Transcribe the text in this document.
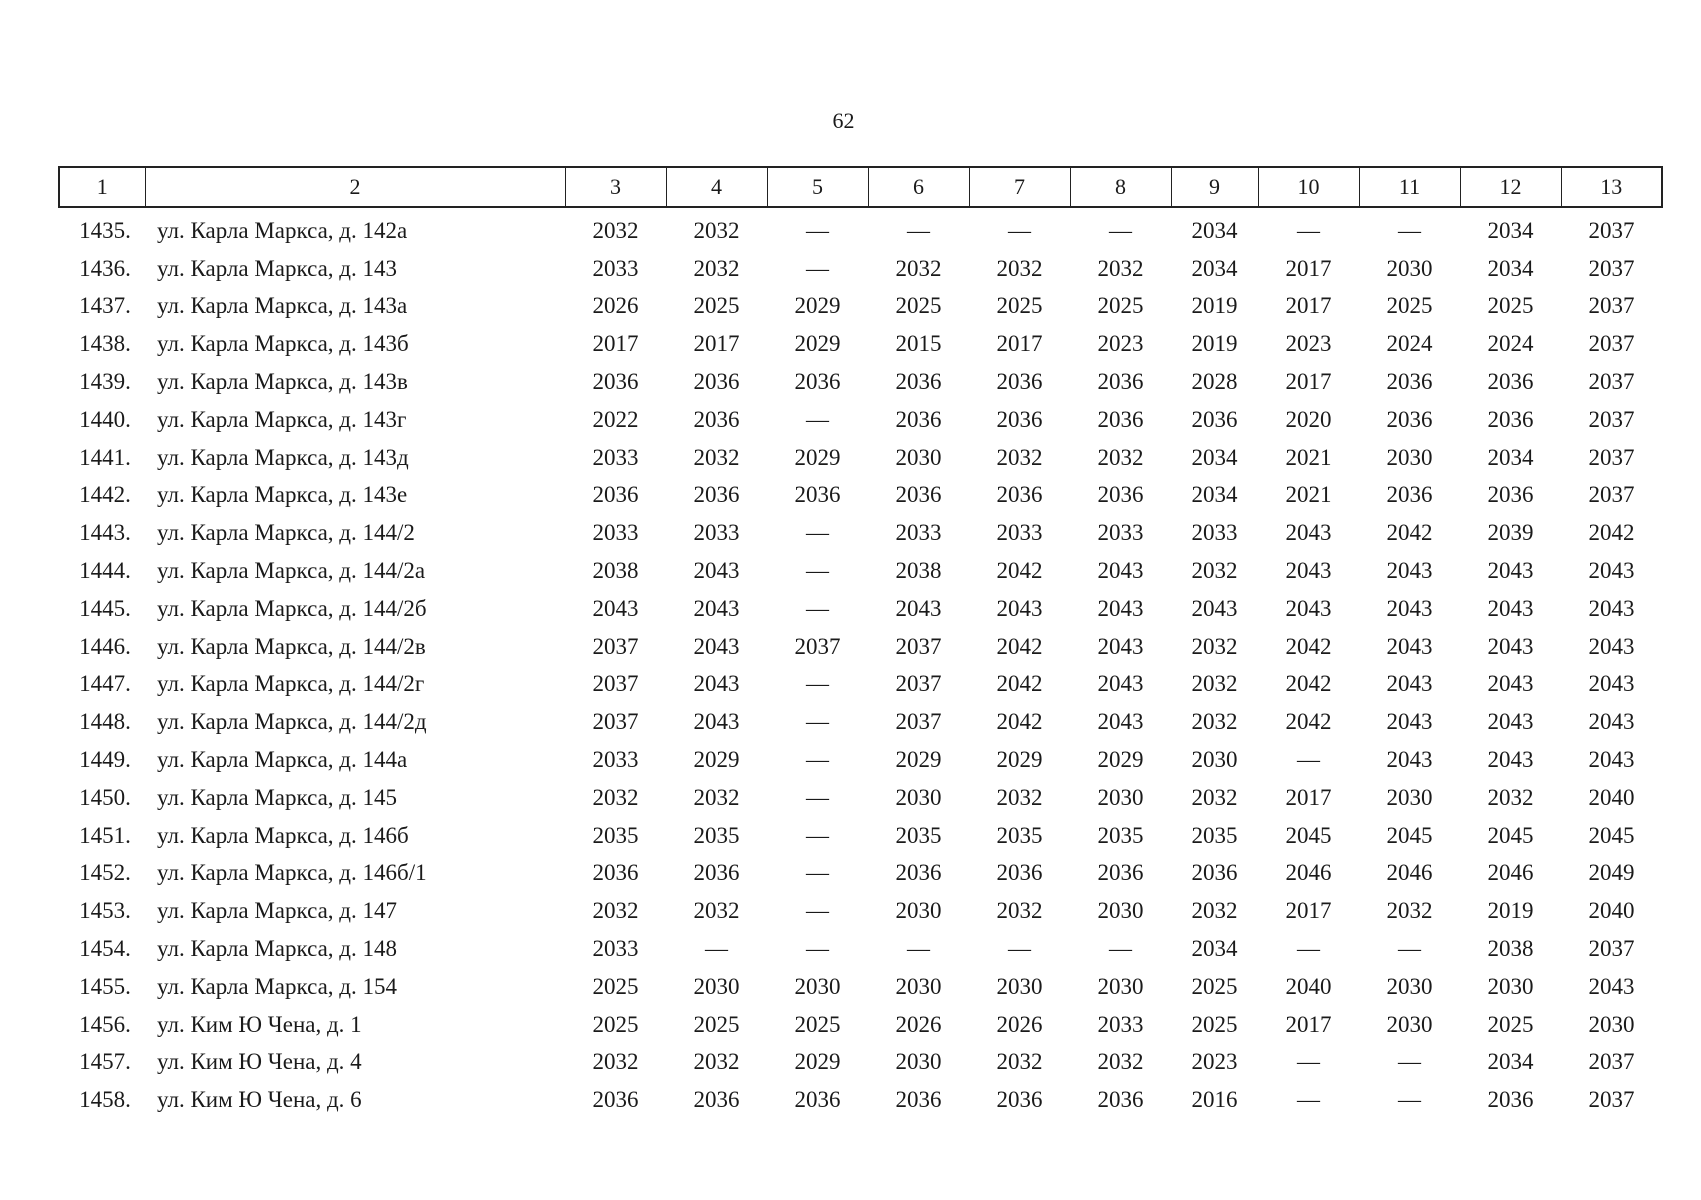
62
1	2	3	4	5	6	7	8	9	10	11	12	13
1435.	ул. Карла Маркса, д. 142а	2032	2032	—	—	—	—	2034	—	—	2034	2037
1436.	ул. Карла Маркса, д. 143	2033	2032	—	2032	2032	2032	2034	2017	2030	2034	2037
1437.	ул. Карла Маркса, д. 143а	2026	2025	2029	2025	2025	2025	2019	2017	2025	2025	2037
1438.	ул. Карла Маркса, д. 143б	2017	2017	2029	2015	2017	2023	2019	2023	2024	2024	2037
1439.	ул. Карла Маркса, д. 143в	2036	2036	2036	2036	2036	2036	2028	2017	2036	2036	2037
1440.	ул. Карла Маркса, д. 143г	2022	2036	—	2036	2036	2036	2036	2020	2036	2036	2037
1441.	ул. Карла Маркса, д. 143д	2033	2032	2029	2030	2032	2032	2034	2021	2030	2034	2037
1442.	ул. Карла Маркса, д. 143е	2036	2036	2036	2036	2036	2036	2034	2021	2036	2036	2037
1443.	ул. Карла Маркса, д. 144/2	2033	2033	—	2033	2033	2033	2033	2043	2042	2039	2042
1444.	ул. Карла Маркса, д. 144/2а	2038	2043	—	2038	2042	2043	2032	2043	2043	2043	2043
1445.	ул. Карла Маркса, д. 144/2б	2043	2043	—	2043	2043	2043	2043	2043	2043	2043	2043
1446.	ул. Карла Маркса, д. 144/2в	2037	2043	2037	2037	2042	2043	2032	2042	2043	2043	2043
1447.	ул. Карла Маркса, д. 144/2г	2037	2043	—	2037	2042	2043	2032	2042	2043	2043	2043
1448.	ул. Карла Маркса, д. 144/2д	2037	2043	—	2037	2042	2043	2032	2042	2043	2043	2043
1449.	ул. Карла Маркса, д. 144а	2033	2029	—	2029	2029	2029	2030	—	2043	2043	2043
1450.	ул. Карла Маркса, д. 145	2032	2032	—	2030	2032	2030	2032	2017	2030	2032	2040
1451.	ул. Карла Маркса, д. 146б	2035	2035	—	2035	2035	2035	2035	2045	2045	2045	2045
1452.	ул. Карла Маркса, д. 146б/1	2036	2036	—	2036	2036	2036	2036	2046	2046	2046	2049
1453.	ул. Карла Маркса, д. 147	2032	2032	—	2030	2032	2030	2032	2017	2032	2019	2040
1454.	ул. Карла Маркса, д. 148	2033	—	—	—	—	—	2034	—	—	2038	2037
1455.	ул. Карла Маркса, д. 154	2025	2030	2030	2030	2030	2030	2025	2040	2030	2030	2043
1456.	ул. Ким Ю Чена, д. 1	2025	2025	2025	2026	2026	2033	2025	2017	2030	2025	2030
1457.	ул. Ким Ю Чена, д. 4	2032	2032	2029	2030	2032	2032	2023	—	—	2034	2037
1458.	ул. Ким Ю Чена, д. 6	2036	2036	2036	2036	2036	2036	2016	—	—	2036	2037
